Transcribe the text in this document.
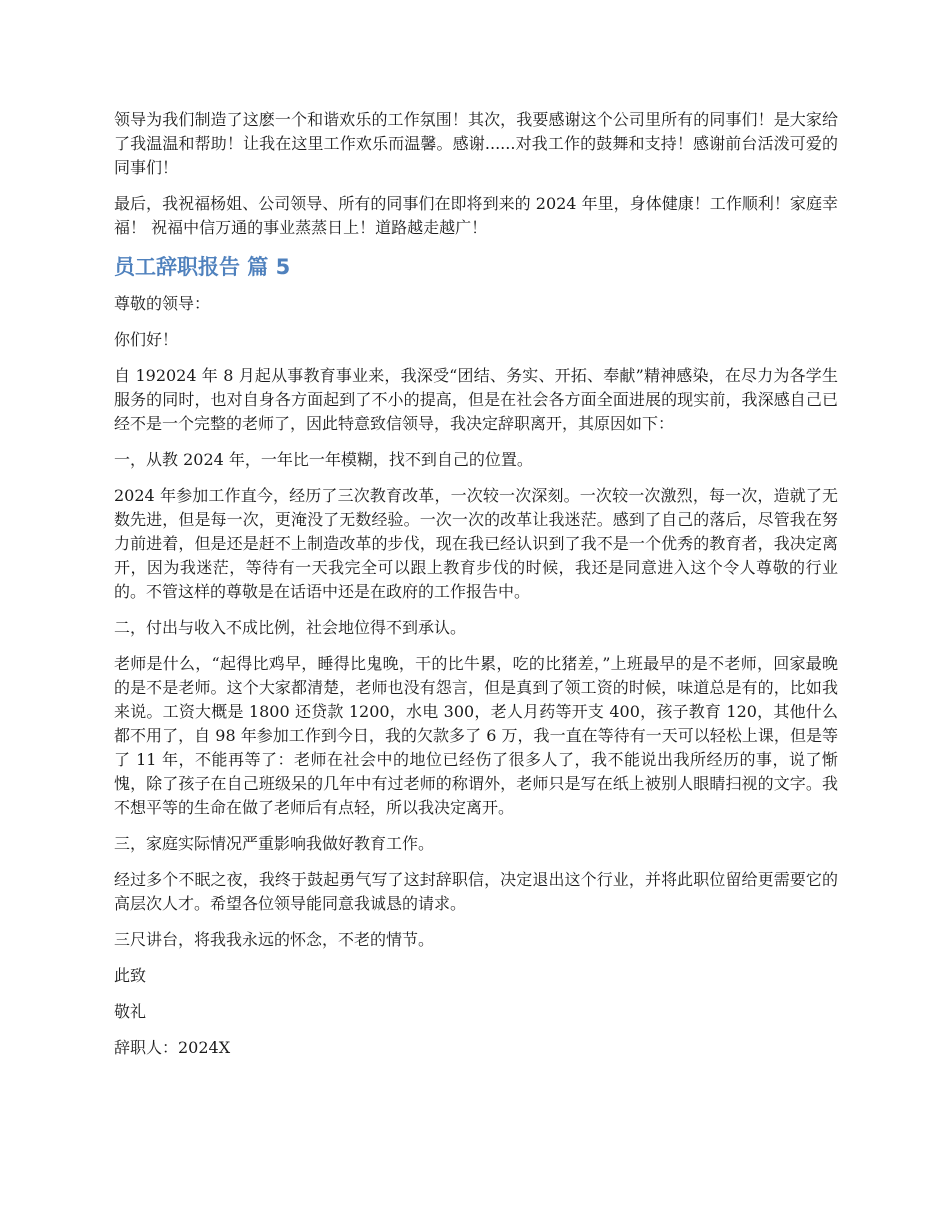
领导为我们制造了这麽一个和谐欢乐的工作氛围！其次，我要感谢这个公司里所有的同事们！是大家给了我温温和帮助！让我在这里工作欢乐而温馨。感谢......对我工作的鼓舞和支持！感谢前台活泼可爱的同事们！

最后，我祝福杨姐、公司领导、所有的同事们在即将到来的 2024 年里，身体健康！工作顺利！家庭幸福！ 祝福中信万通的事业蒸蒸日上！道路越走越广！

员工辞职报告 篇 5

尊敬的领导：

你们好！

自 192024 年 8 月起从事教育事业来，我深受“团结、务实、开拓、奉献”精神感染，在尽力为各学生服务的同时，也对自身各方面起到了不小的提高，但是在社会各方面全面进展的现实前，我深感自己已经不是一个完整的老师了，因此特意致信领导，我决定辞职离开，其原因如下：

一，从教 2024 年，一年比一年模糊，找不到自己的位置。

2024 年参加工作直今，经历了三次教育改革，一次较一次深刻。一次较一次激烈，每一次，造就了无数先进，但是每一次，更淹没了无数经验。一次一次的改革让我迷茫。感到了自己的落后，尽管我在努力前进着，但是还是赶不上制造改革的步伐，现在我已经认识到了我不是一个优秀的教育者，我决定离开，因为我迷茫，等待有一天我完全可以跟上教育步伐的时候，我还是同意进入这个令人尊敬的行业的。不管这样的尊敬是在话语中还是在政府的工作报告中。

二，付出与收入不成比例，社会地位得不到承认。

老师是什么，“起得比鸡早，睡得比鬼晚，干的比牛累，吃的比猪差，”上班最早的是不老师，回家最晚的是不是老师。这个大家都清楚，老师也没有怨言，但是真到了领工资的时候，味道总是有的，比如我来说。工资大概是 1800 还贷款 1200，水电 300，老人月药等开支 400，孩子教育 120，其他什么都不用了，自 98 年参加工作到今日，我的欠款多了 6 万，我一直在等待有一天可以轻松上课，但是等了 11 年，不能再等了：老师在社会中的地位已经伤了很多人了，我不能说出我所经历的事，说了惭愧，除了孩子在自己班级呆的几年中有过老师的称谓外，老师只是写在纸上被别人眼睛扫视的文字。我不想平等的生命在做了老师后有点轻，所以我决定离开。

三，家庭实际情况严重影响我做好教育工作。

经过多个不眠之夜，我终于鼓起勇气写了这封辞职信，决定退出这个行业，并将此职位留给更需要它的高层次人才。希望各位领导能同意我诚恳的请求。

三尺讲台，将我我永远的怀念，不老的情节。

此致

敬礼

辞职人：2024X
